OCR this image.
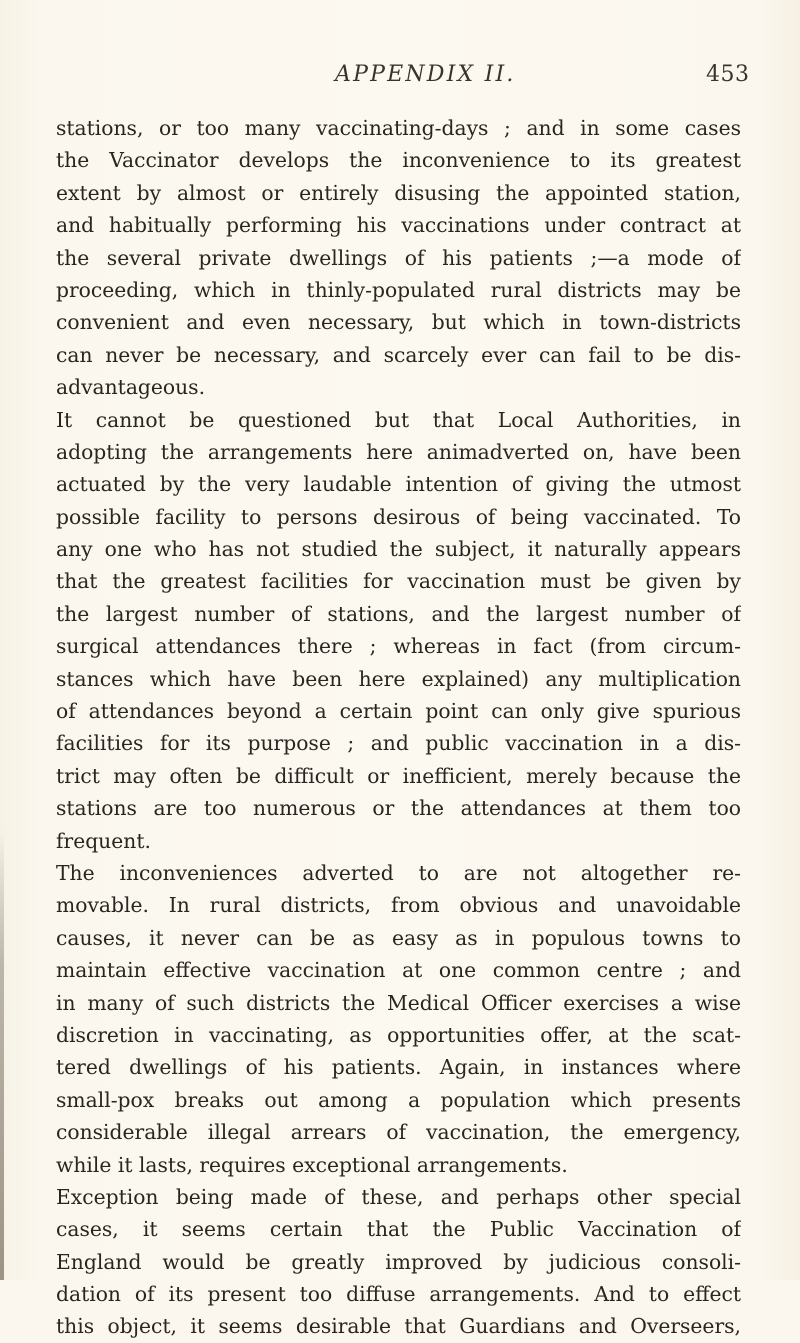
APPENDIX II.	453
stations, or too many vaccinating-days ; and in some cases
the Vaccinator develops the inconvenience to its greatest
extent by almost or entirely disusing the appointed station,
and habitually performing his vaccinations under contract at
the several private dwellings of his patients ;—a mode of
proceeding, which in thinly-populated rural districts may be
convenient and even necessary, but which in town-districts
can never be necessary, and scarcely ever can fail to be dis-
advantageous.
It cannot be questioned but that Local Authorities, in
adopting the arrangements here animadverted on, have been
actuated by the very laudable intention of giving the utmost
possible facility to persons desirous of being vaccinated. To
any one who has not studied the subject, it naturally appears
that the greatest facilities for vaccination must be given by
the largest number of stations, and the largest number of
surgical attendances there ; whereas in fact (from circum-
stances which have been here explained) any multiplication
of attendances beyond a certain point can only give spurious
facilities for its purpose ; and public vaccination in a dis-
trict may often be difficult or inefficient, merely because the
stations are too numerous or the attendances at them too
frequent.
The inconveniences adverted to are not altogether re-
movable. In rural districts, from obvious and unavoidable
causes, it never can be as easy as in populous towns to
maintain effective vaccination at one common centre ; and
in many of such districts the Medical Officer exercises a wise
discretion in vaccinating, as opportunities offer, at the scat-
tered dwellings of his patients. Again, in instances where
small-pox breaks out among a population which presents
considerable illegal arrears of vaccination, the emergency,
while it lasts, requires exceptional arrangements.
Exception being made of these, and perhaps other special
cases, it seems certain that the Public Vaccination of
England would be greatly improved by judicious consoli-
dation of its present too diffuse arrangements. And to effect
this object, it seems desirable that Guardians and Overseers,
